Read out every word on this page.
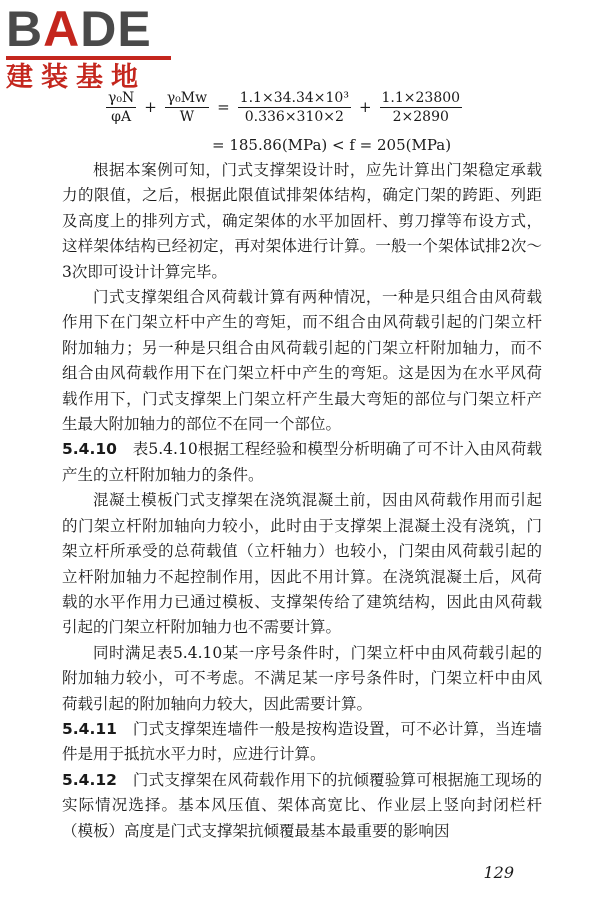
BADE
建装基地
$\frac{\text{γ₀N}}{\varphi A} + \frac{\text{γ₀Mw}}{W} = \frac{\text{1.1×34.34×10³}}{0.336\times 310\times 2} + \frac{1.1\times 23800}{2\times 2890}$
= 185.86(MPa) < f = 205(MPa)

根据本案例可知，门式支撑架设计时，应先计算出门架稳定承载力的限值，之后，根据此限值试排架体结构，确定门架的跨距、列距及高度上的排列方式，确定架体的水平加固杆、剪刀撑等布设方式，这样架体结构已经初定，再对架体进行计算。一般一个架体试排2次～3次即可设计计算完毕。

门式支撑架组合风荷载计算有两种情况，一种是只组合由风荷载作用下在门架立杆中产生的弯矩，而不组合由风荷载引起的门架立杆附加轴力；另一种是只组合由风荷载引起的门架立杆附加轴力，而不组合由风荷载作用下在门架立杆中产生的弯矩。这是因为在水平风荷载作用下，门式支撑架上门架立杆产生最大弯矩的部位与门架立杆产生最大附加轴力的部位不在同一个部位。

5.4.10　 表5.4.10根据工程经验和模型分析明确了可不计入由风荷载产生的立杆附加轴力的条件。

混凝土模板门式支撑架在浇筑混凝土前，因由风荷载作用而引起的门架立杆附加轴向力较小，此时由于支撑架上混凝土没有浇筑，门架立杆所承受的总荷载值（立杆轴力）也较小，门架由风荷载引起的立杆附加轴力不起控制作用，因此不用计算。在浇筑混凝土后，风荷载的水平作用力已通过模板、支撑架传给了建筑结构，因此由风荷载引起的门架立杆附加轴力也不需要计算。

同时满足表5.4.10某一序号条件时，门架立杆中由风荷载引起的附加轴力较小，可不考虑。不满足某一序号条件时，门架立杆中由风荷载引起的附加轴向力较大，因此需要计算。

5.4.11　 门式支撑架连墙件一般是按构造设置，可不必计算，当连墙件是用于抵抗水平力时，应进行计算。

5.4.12　 门式支撑架在风荷载作用下的抗倾覆验算可根据施工现场的实际情况选择。基本风压值、架体高宽比、作业层上竖向封闭栏杆（模板）高度是门式支撑架抗倾覆最基本最重要的影响因

129
